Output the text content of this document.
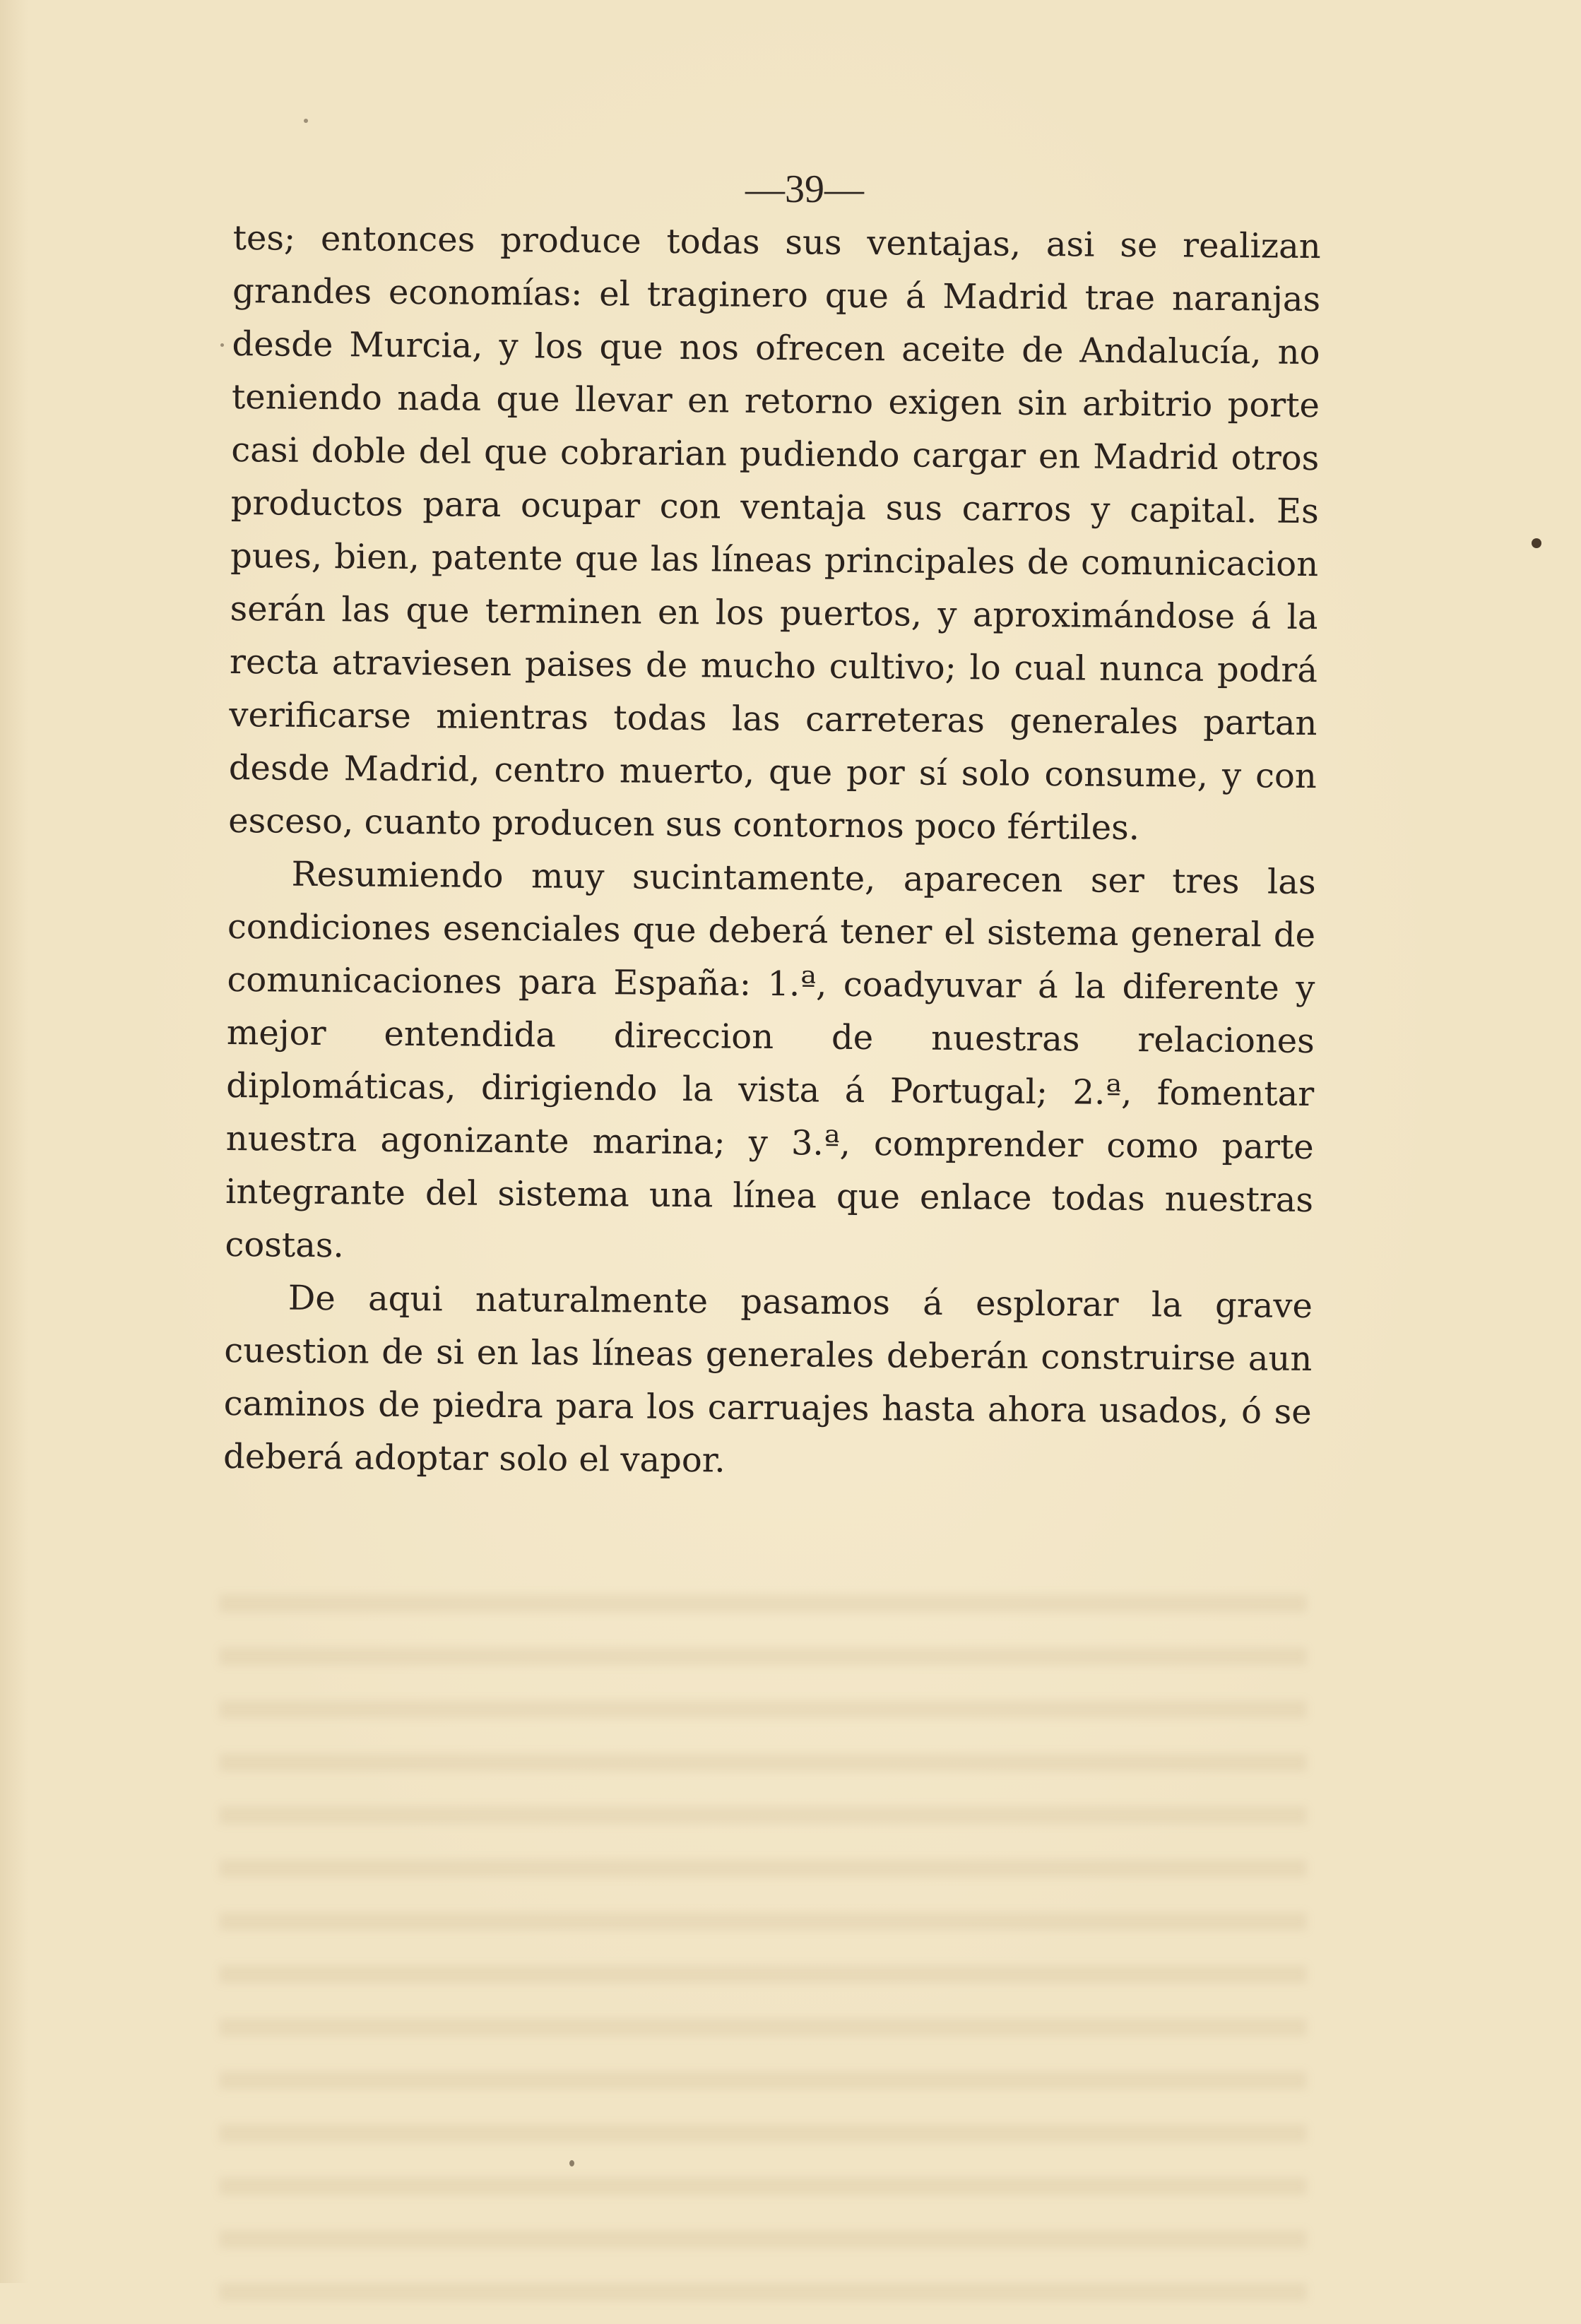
—39—

tes; entonces produce todas sus ventajas, asi se realizan grandes economías: el traginero que á Madrid trae naranjas desde Murcia, y los que nos ofrecen aceite de Andalucía, no teniendo nada que llevar en retorno exigen sin arbitrio porte casi doble del que cobrarian pudiendo cargar en Madrid otros productos para ocupar con ventaja sus carros y capital. Es pues, bien, patente que las líneas principales de comunicacion serán las que terminen en los puertos, y aproximándose á la recta atraviesen paises de mucho cultivo; lo cual nunca podrá verificarse mientras todas las carreteras generales partan desde Madrid, centro muerto, que por sí solo consume, y con esceso, cuanto producen sus contornos poco fértiles.

Resumiendo muy sucintamente, aparecen ser tres las condiciones esenciales que deberá tener el sistema general de comunicaciones para España: 1.ª, coadyuvar á la diferente y mejor entendida direccion de nuestras relaciones diplomáticas, dirigiendo la vista á Portugal; 2.ª, fomentar nuestra agonizante marina; y 3.ª, comprender como parte integrante del sistema una línea que enlace todas nuestras costas.

De aqui naturalmente pasamos á esplorar la grave cuestion de si en las líneas generales deberán construirse aun caminos de piedra para los carruajes hasta ahora usados, ó se deberá adoptar solo el vapor.
